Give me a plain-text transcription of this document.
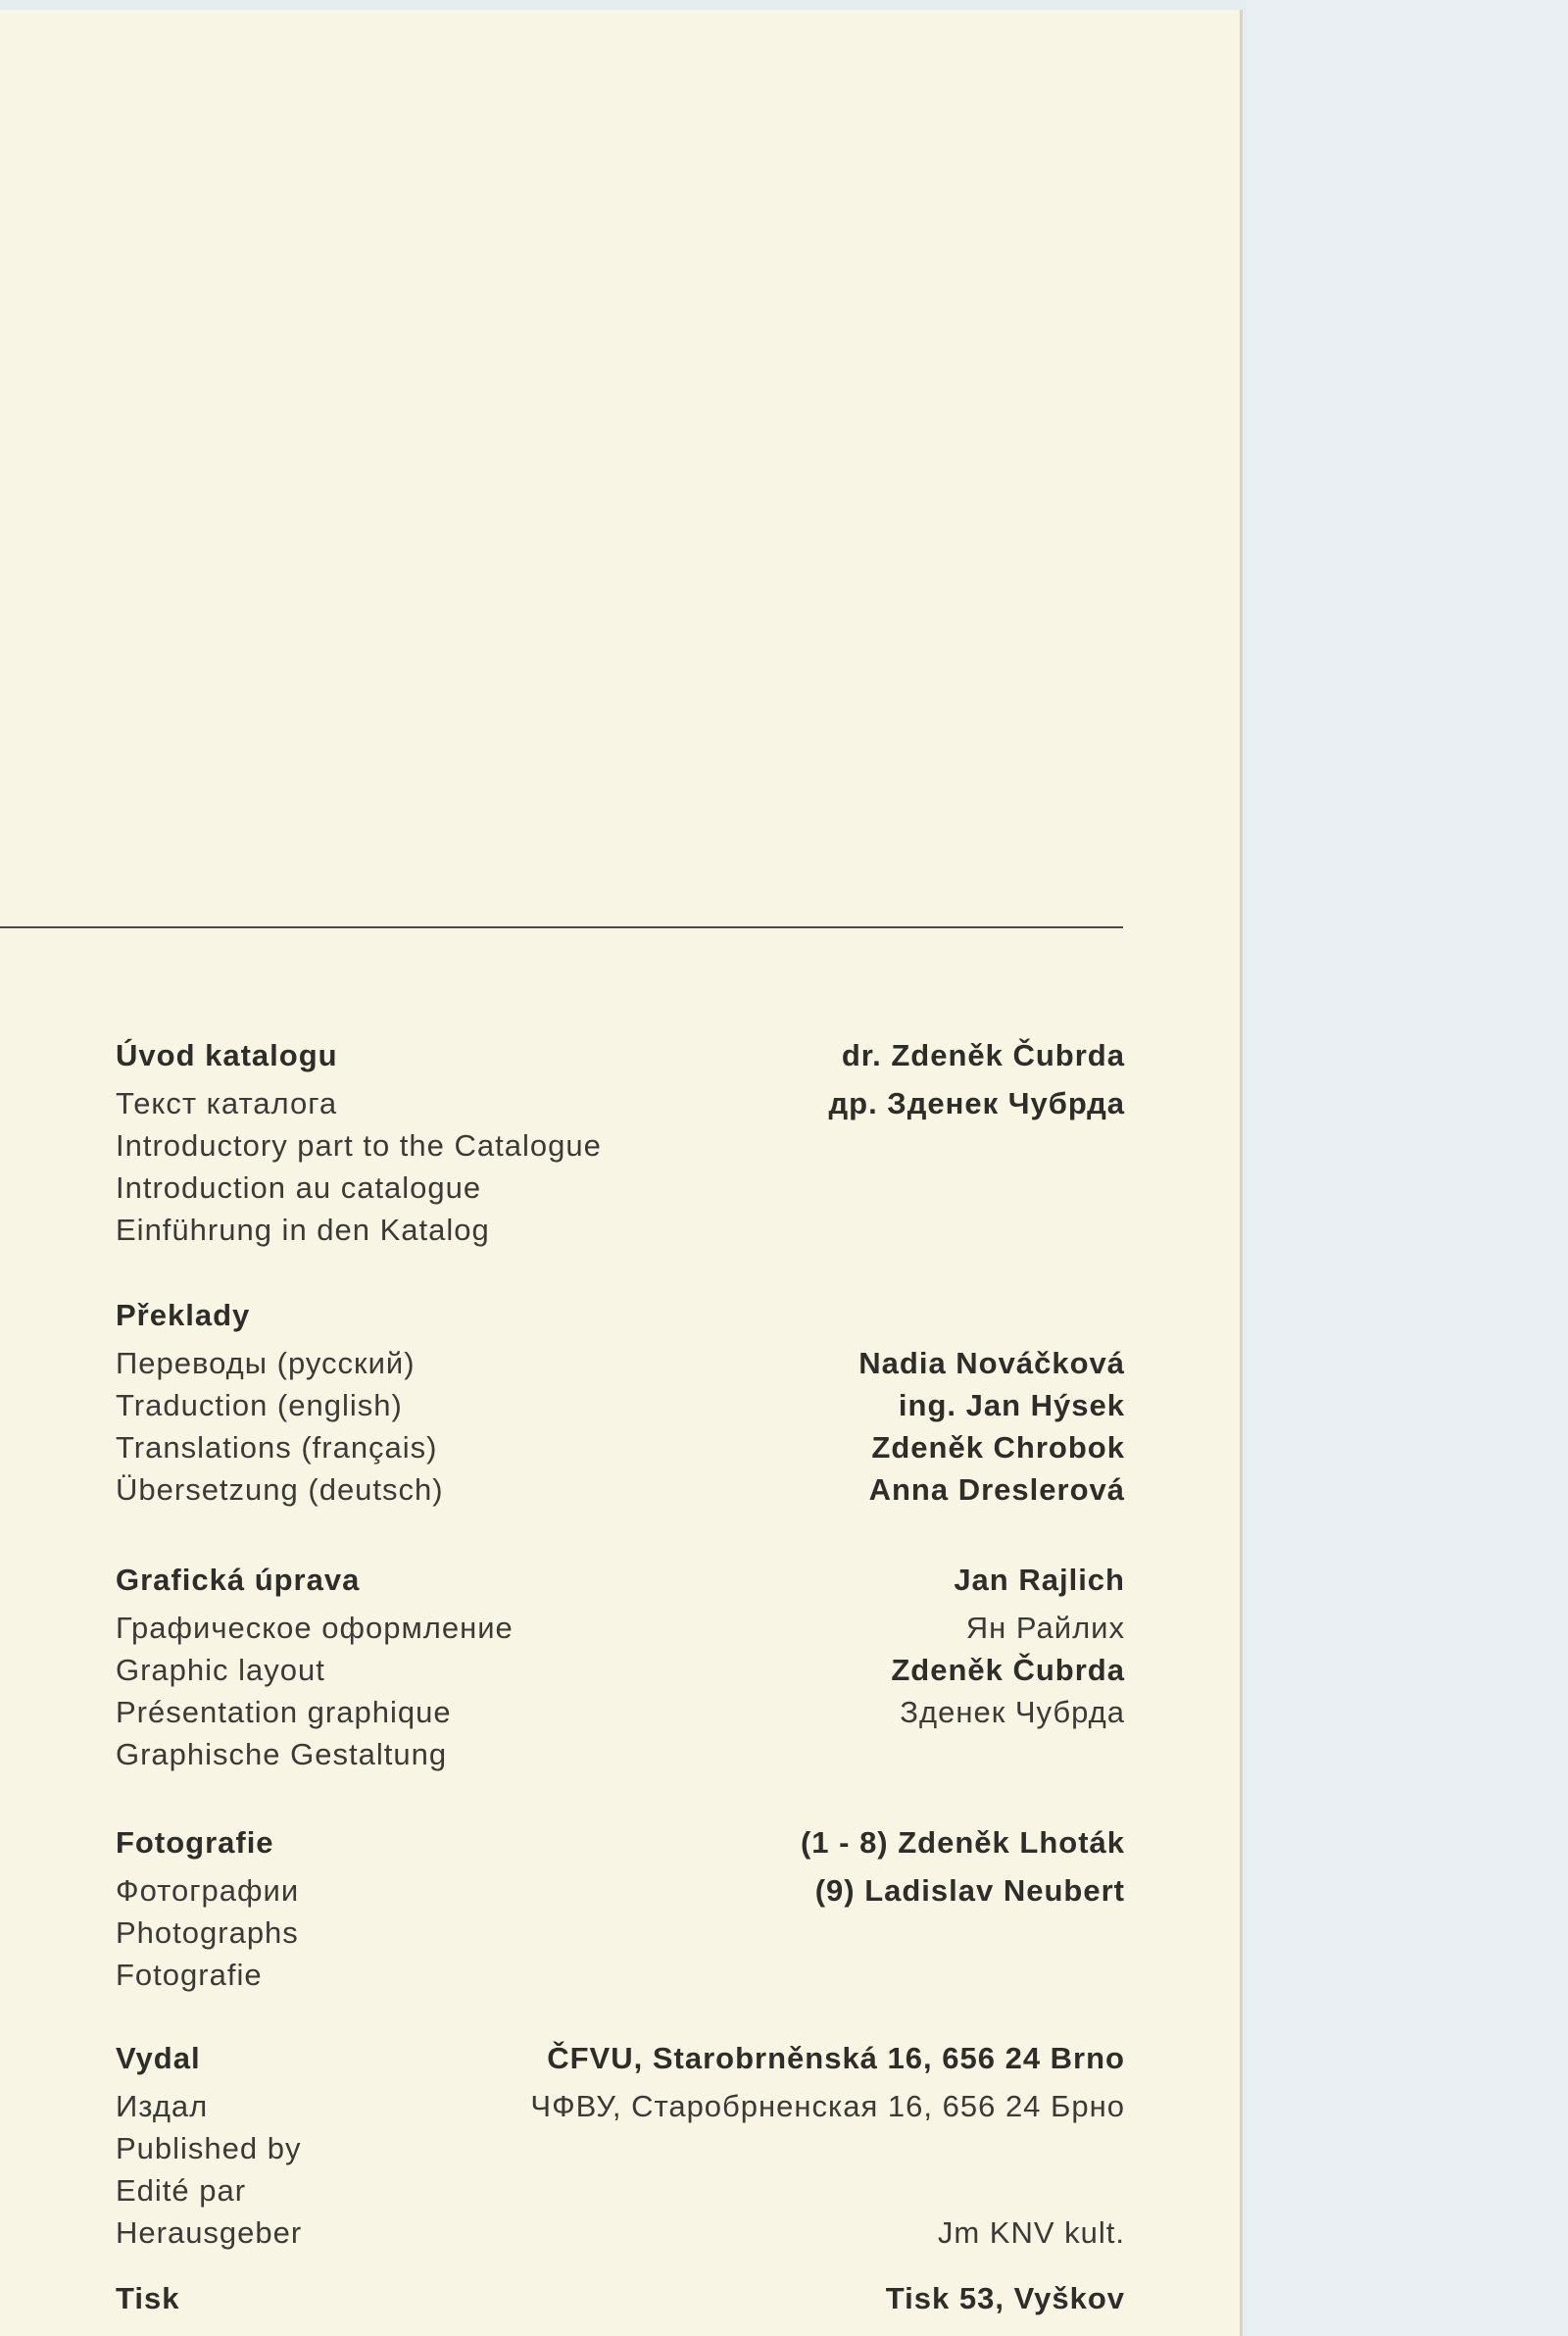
Úvod katalogu
Текст каталога
Introductory part to the Catalogue
Introduction au catalogue
Einführung in den Katalog
dr. Zdeněk Čubrda
др. Зденек Чубрда
Překlady
Переводы (русский)
Traduction (english)
Translations (français)
Übersetzung (deutsch)
Nadia Nováčková
ing. Jan Hýsek
Zdeněk Chrobok
Anna Dreslerová
Grafická úprava
Графическое оформление
Graphic layout
Présentation graphique
Graphische Gestaltung
Jan Rajlich
Ян Райлих
Zdeněk Čubrda
Зденек Чубрда
Fotografie
Фотографии
Photographs
Fotografie
(1 - 8) Zdeněk Lhoták
(9) Ladislav Neubert
Vydal
Издал
Published by
Edité par
Herausgeber
ČFVU, Starobrněnská 16, 656 24 Brno
ЧФВУ, Старобрненская 16, 656 24 Брно
Jm KNV kult.
Tisk	Tisk 53, Vyškov
